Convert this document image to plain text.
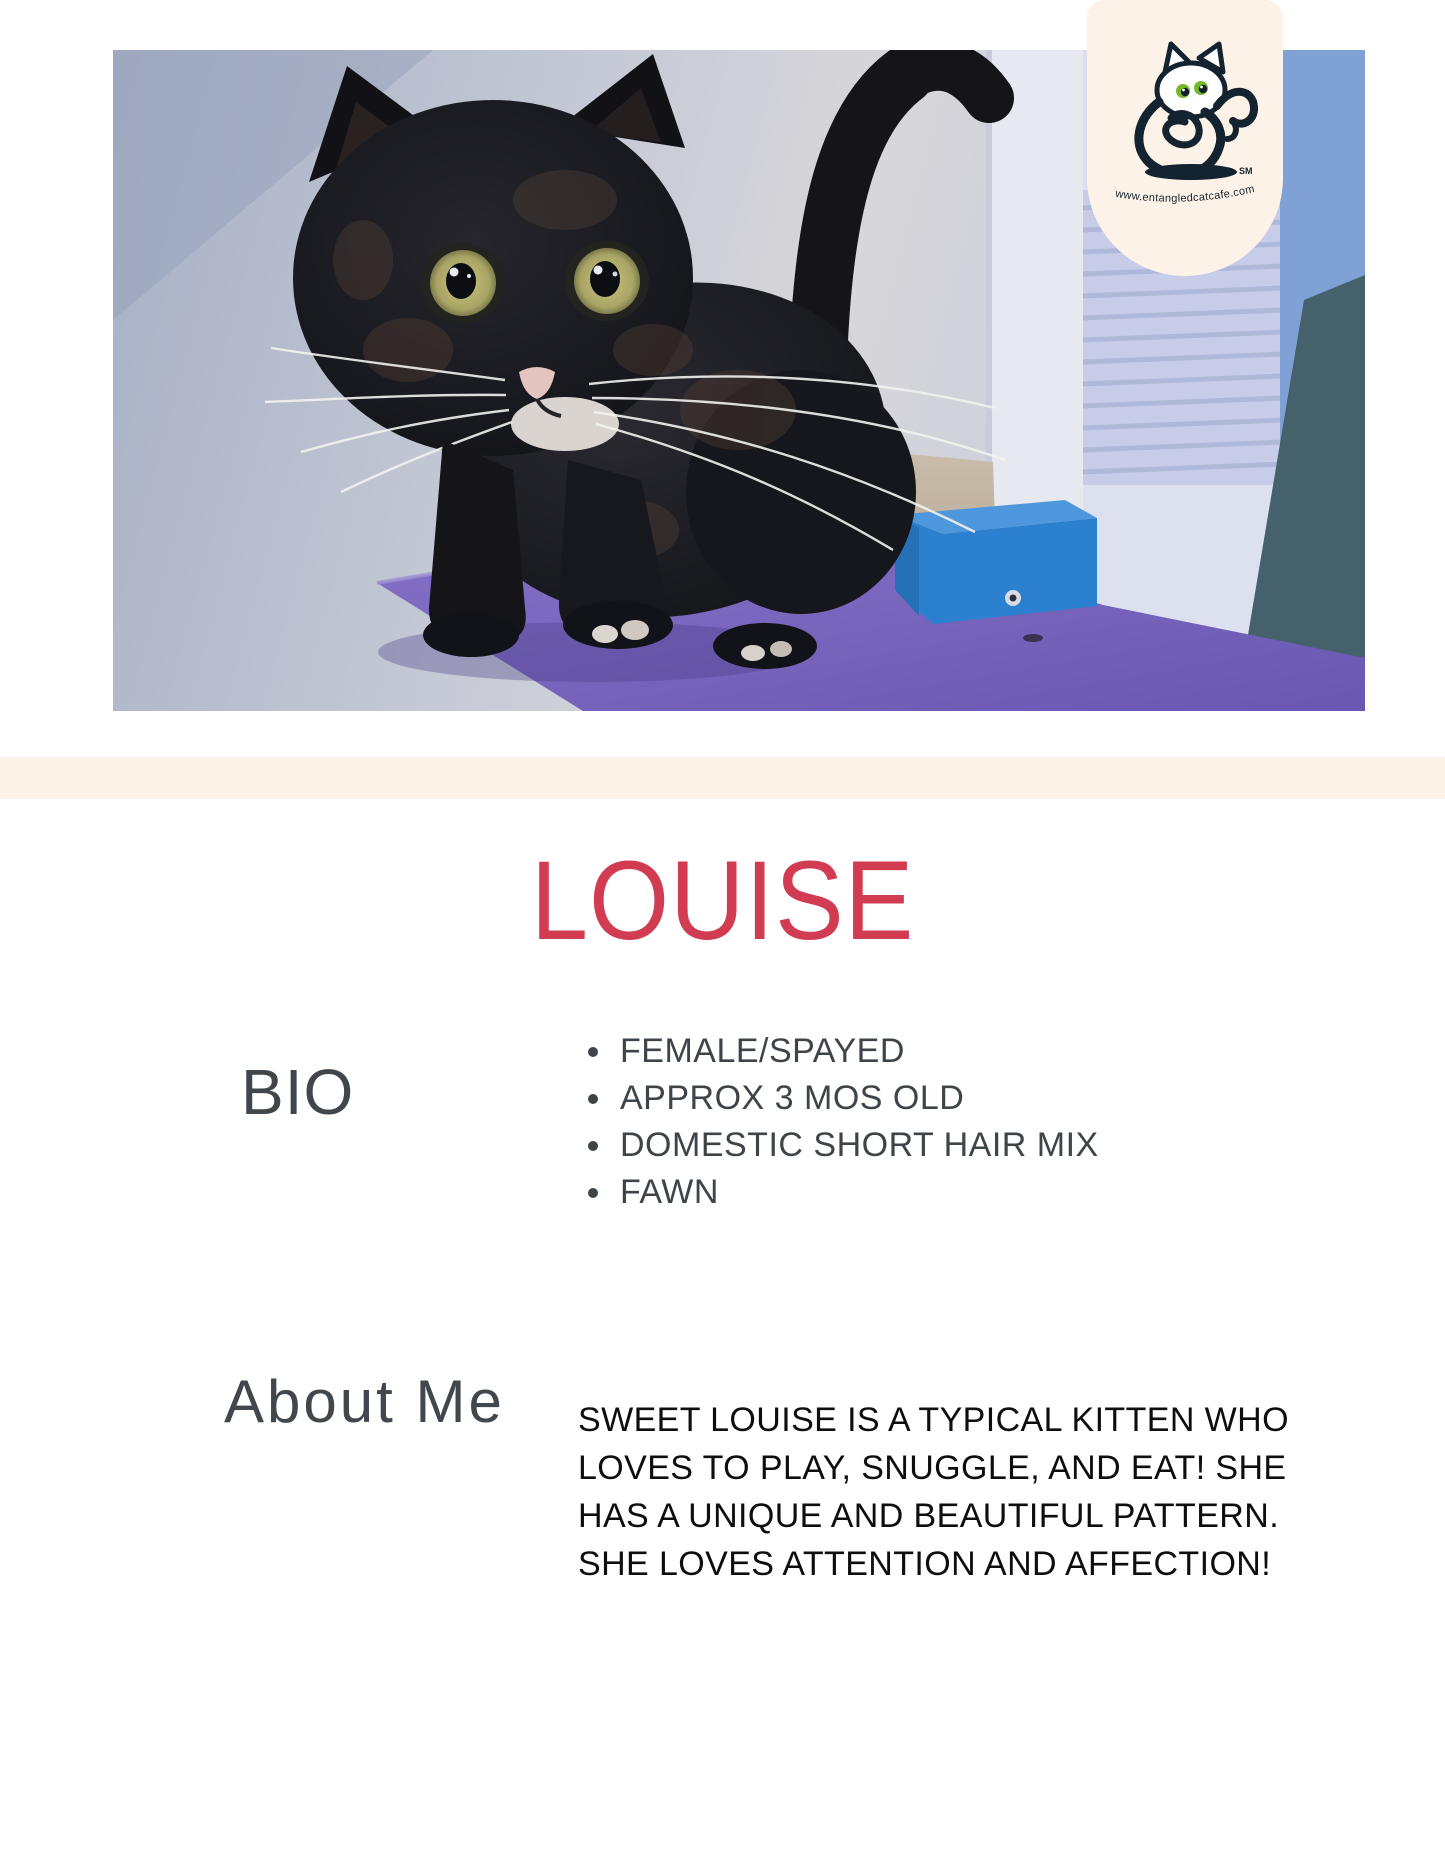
SM
www.entangledcatcafe.com
LOUISE
BIO
FEMALE/SPAYED
APPROX 3 MOS OLD
DOMESTIC SHORT HAIR MIX
FAWN
About Me SWEET LOUISE IS A TYPICAL KITTEN WHO
LOVES TO PLAY, SNUGGLE, AND EAT! SHE
HAS A UNIQUE AND BEAUTIFUL PATTERN.
SHE LOVES ATTENTION AND AFFECTION!
